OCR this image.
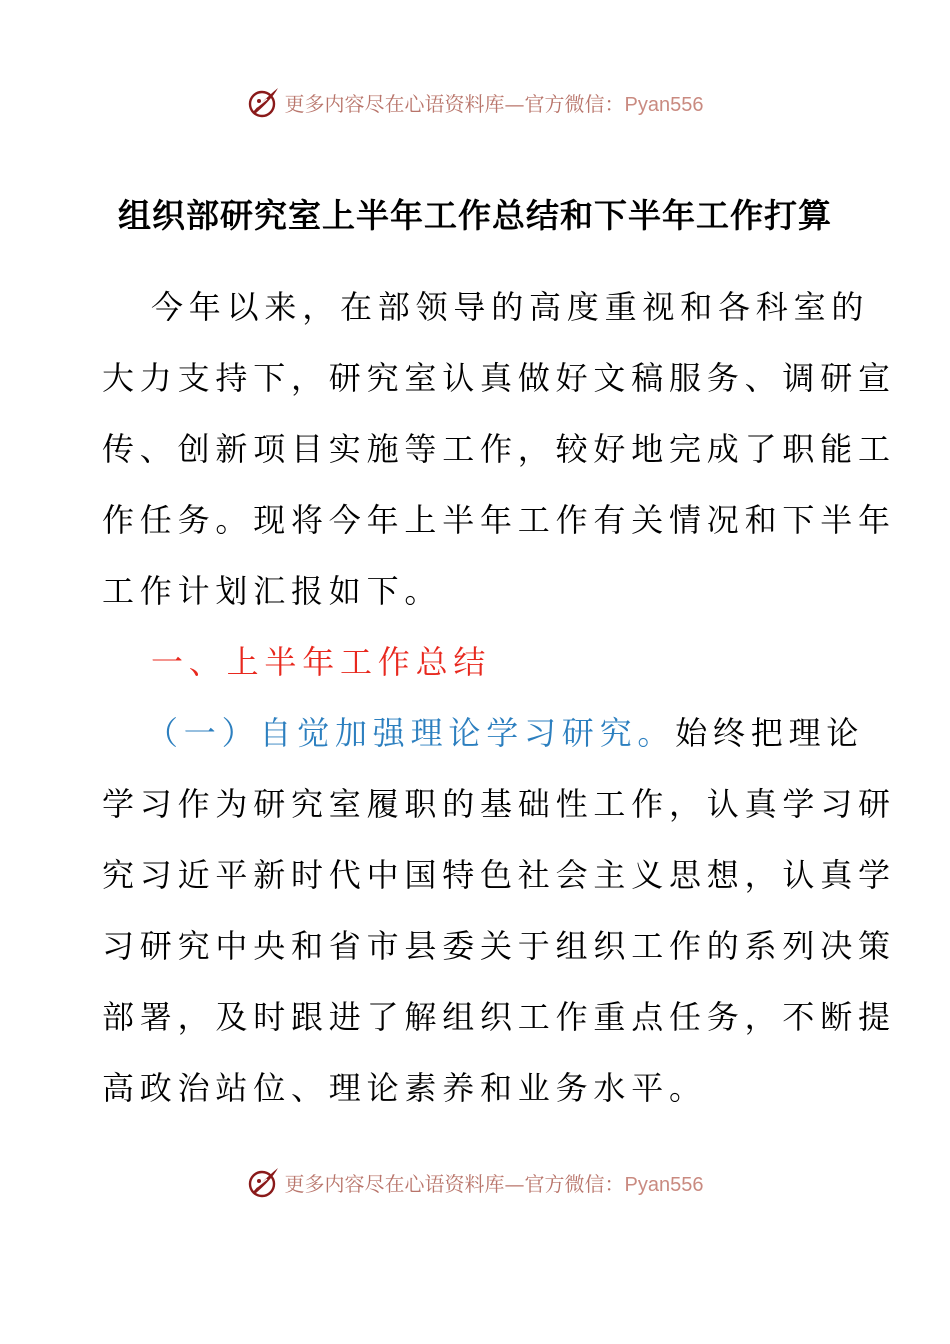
更多内容尽在心语资料库—官方微信：Pyan556
组织部研究室上半年工作总结和下半年工作打算
今年以来，在部领导的高度重视和各科室的
大力支持下，研究室认真做好文稿服务、调研宣
传、创新项目实施等工作，较好地完成了职能工
作任务。现将今年上半年工作有关情况和下半年
工作计划汇报如下。
一、上半年工作总结
（一）自觉加强理论学习研究。始终把理论
学习作为研究室履职的基础性工作，认真学习研
究习近平新时代中国特色社会主义思想，认真学
习研究中央和省市县委关于组织工作的系列决策
部署，及时跟进了解组织工作重点任务，不断提
高政治站位、理论素养和业务水平。
更多内容尽在心语资料库—官方微信：Pyan556
